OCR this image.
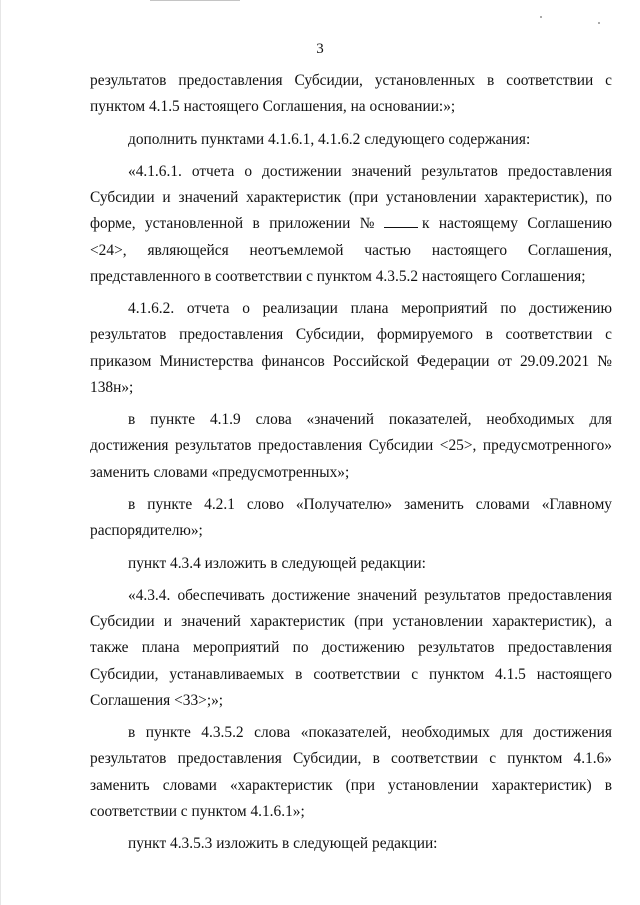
3

результатов предоставления Субсидии, установленных в соответствии с пунктом 4.1.5 настоящего Соглашения, на основании:»;

дополнить пунктами 4.1.6.1, 4.1.6.2 следующего содержания:

«4.1.6.1. отчета о достижении значений результатов предоставления Субсидии и значений характеристик (при установлении характеристик), по форме, установленной в приложении №	к настоящему Соглашению <24>, являющейся неотъемлемой частью настоящего Соглашения, представленного в соответствии с пунктом 4.3.5.2 настоящего Соглашения;

4.1.6.2. отчета о реализации плана мероприятий по достижению результатов предоставления Субсидии, формируемого в соответствии с приказом Министерства финансов Российской Федерации от 29.09.2021 № 138н»;

в пункте 4.1.9 слова «значений показателей, необходимых для достижения результатов предоставления Субсидии <25>, предусмотренного» заменить словами «предусмотренных»;

в пункте 4.2.1 слово «Получателю» заменить словами «Главному распорядителю»;

пункт 4.3.4 изложить в следующей редакции:

«4.3.4. обеспечивать достижение значений результатов предоставления Субсидии и значений характеристик (при установлении характеристик), а также плана мероприятий по достижению результатов предоставления Субсидии, устанавливаемых в соответствии с пунктом 4.1.5 настоящего Соглашения <33>;»;

в пункте 4.3.5.2 слова «показателей, необходимых для достижения результатов предоставления Субсидии, в соответствии с пунктом 4.1.6» заменить словами «характеристик (при установлении характеристик) в соответствии с пунктом 4.1.6.1»;

пункт 4.3.5.3 изложить в следующей редакции:
